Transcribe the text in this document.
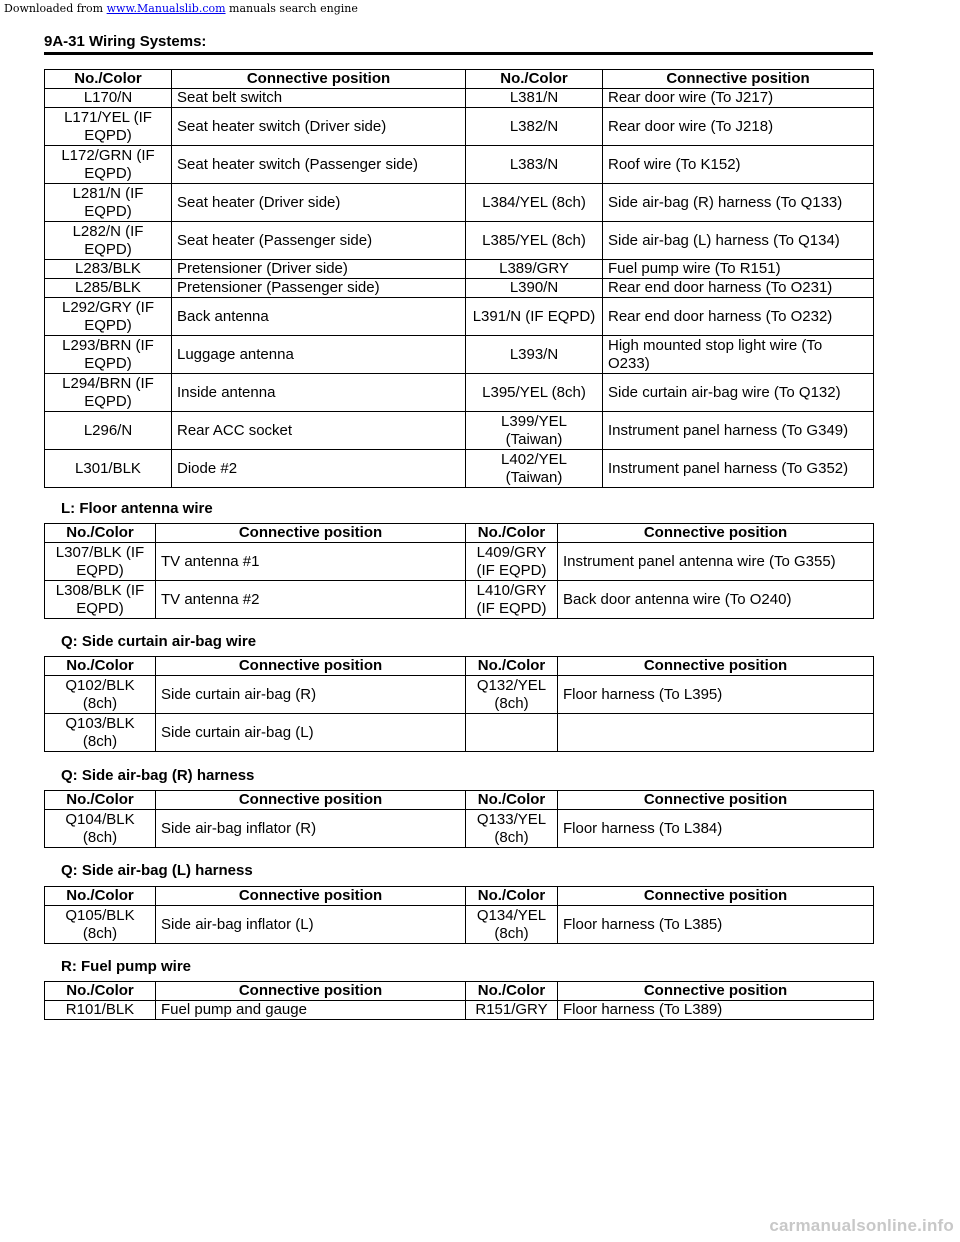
Downloaded from www.Manualslib.com manuals search engine
9A-31 Wiring Systems:
No./Color	Connective position	No./Color	Connective position
L170/N	Seat belt switch	L381/N	Rear door wire (To J217)
L171/YEL (IF EQPD)	Seat heater switch (Driver side)	L382/N	Rear door wire (To J218)
L172/GRN (IF EQPD)	Seat heater switch (Passenger side)	L383/N	Roof wire (To K152)
L281/N (IF EQPD)	Seat heater (Driver side)	L384/YEL (8ch)	Side air-bag (R) harness (To Q133)
L282/N (IF EQPD)	Seat heater (Passenger side)	L385/YEL (8ch)	Side air-bag (L) harness (To Q134)
L283/BLK	Pretensioner (Driver side)	L389/GRY	Fuel pump wire (To R151)
L285/BLK	Pretensioner (Passenger side)	L390/N	Rear end door harness (To O231)
L292/GRY (IF EQPD)	Back antenna	L391/N (IF EQPD)	Rear end door harness (To O232)
L293/BRN (IF EQPD)	Luggage antenna	L393/N	High mounted stop light wire (To O233)
L294/BRN (IF EQPD)	Inside antenna	L395/YEL (8ch)	Side curtain air-bag wire (To Q132)
L296/N	Rear ACC socket	L399/YEL (Taiwan)	Instrument panel harness (To G349)
L301/BLK	Diode #2	L402/YEL (Taiwan)	Instrument panel harness (To G352)
L: Floor antenna wire
No./Color	Connective position	No./Color	Connective position
L307/BLK (IF EQPD)	TV antenna #1	L409/GRY (IF EQPD)	Instrument panel antenna wire (To G355)
L308/BLK (IF EQPD)	TV antenna #2	L410/GRY (IF EQPD)	Back door antenna wire (To O240)
Q: Side curtain air-bag wire
No./Color	Connective position	No./Color	Connective position
Q102/BLK (8ch)	Side curtain air-bag (R)	Q132/YEL (8ch)	Floor harness (To L395)
Q103/BLK (8ch)	Side curtain air-bag (L)		
Q: Side air-bag (R) harness
No./Color	Connective position	No./Color	Connective position
Q104/BLK (8ch)	Side air-bag inflator (R)	Q133/YEL (8ch)	Floor harness (To L384)
Q: Side air-bag (L) harness
No./Color	Connective position	No./Color	Connective position
Q105/BLK (8ch)	Side air-bag inflator (L)	Q134/YEL (8ch)	Floor harness (To L385)
R: Fuel pump wire
No./Color	Connective position	No./Color	Connective position
R101/BLK	Fuel pump and gauge	R151/GRY	Floor harness (To L389)
carmanualsonline.info
